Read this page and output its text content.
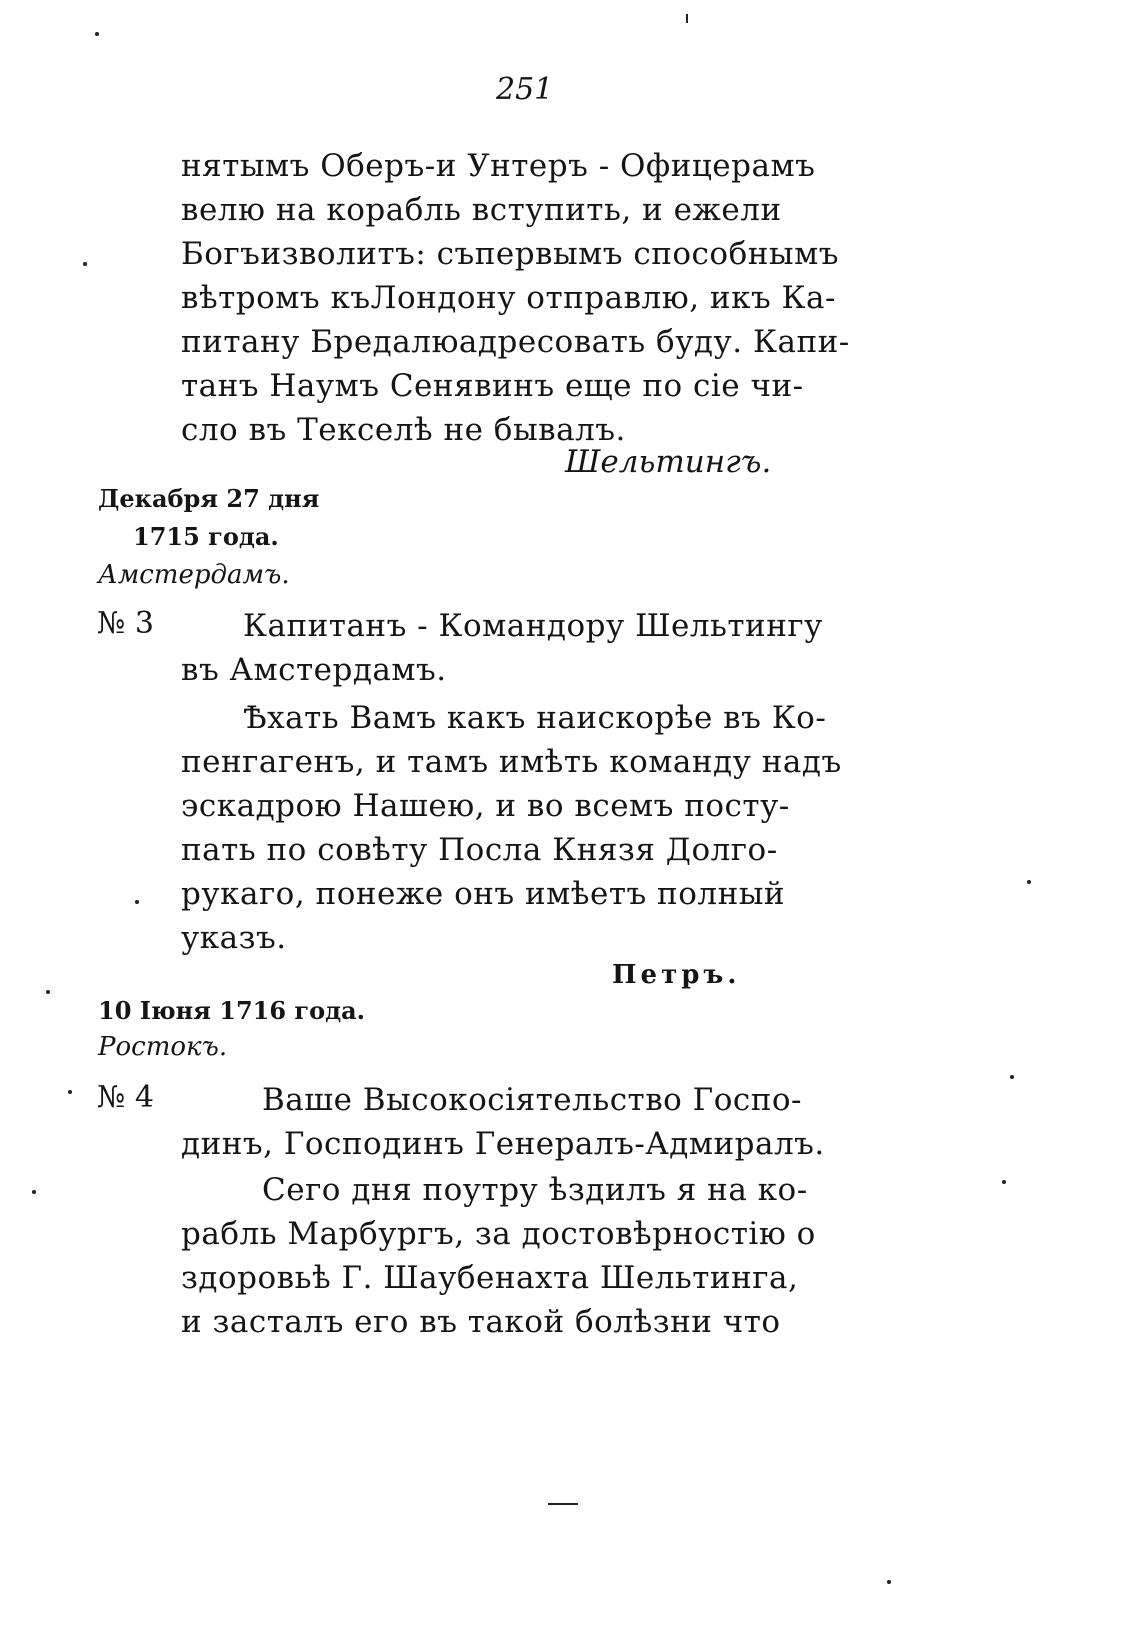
251
нятымъ Оберъ-и Унтеръ - Офицерамъ
велю на корабль вступить, и ежели
Богъизволитъ: съпервымъ способнымъ
вѣтромъ къЛондону отправлю, икъ Ка-
питану Бредалюадресовать буду. Капи-
танъ Наумъ Сенявинъ еще по сіе чи-
сло въ Текселѣ не бывалъ.
Шельтингъ.
Декабря 27 дня
1715 года.
Амстердамъ.
№ 3	Капитанъ - Командору Шельтингу
въ Амстердамъ.
Ѣхать Вамъ какъ наискорѣе въ Ко-
пенгагенъ, и тамъ имѣть команду надъ
эскадрою Нашею, и во всемъ посту-
пать по совѣту Посла Князя Долго-
рукаго, понеже онъ имѣетъ полный
указъ.
Петръ.
10 Іюня 1716 года.
Ростокъ.
№ 4	Ваше Высокосіятельство Госпо-
динъ, Господинъ Генералъ-Адмиралъ.
Сего дня поутру ѣздилъ я на ко-
рабль Марбургъ, за достовѣрностію о
здоровьѣ Г. Шаубенахта Шельтинга,
и засталъ его въ такой болѣзни что
